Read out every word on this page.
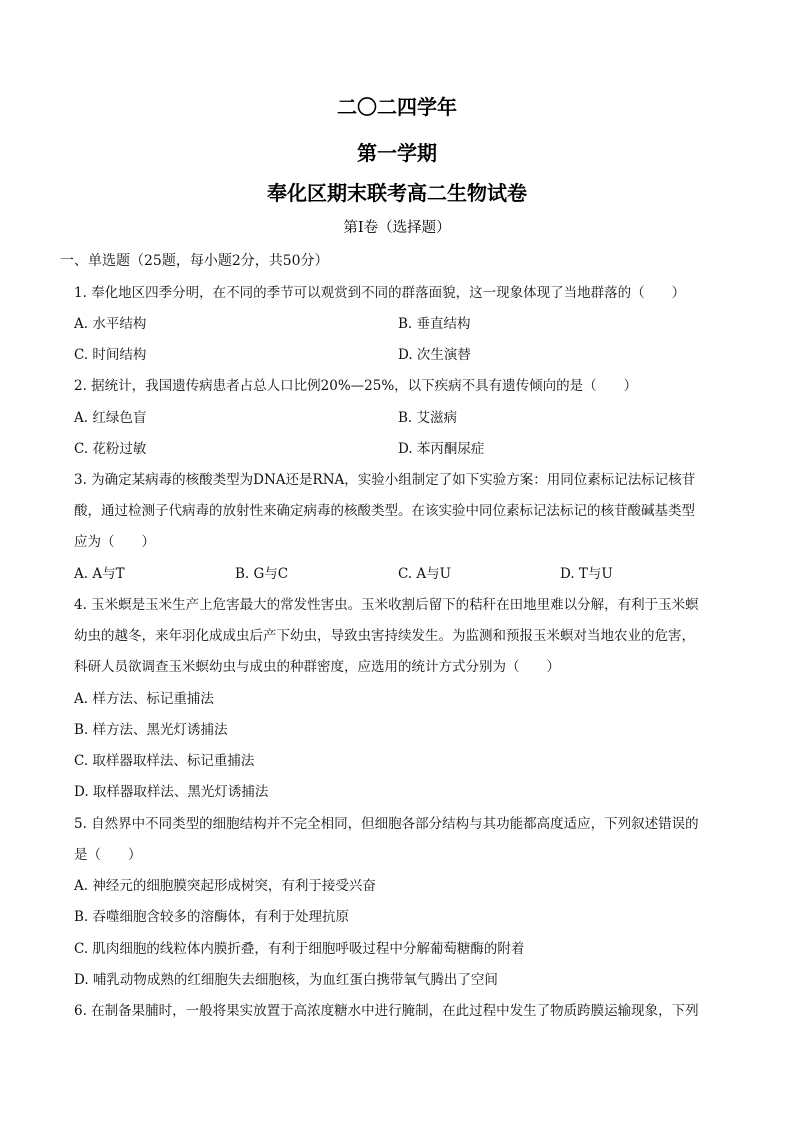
二〇二四学年
第一学期
奉化区期末联考高二生物试卷
第Ⅰ卷（选择题）
一、单选题（25题，每小题2分，共50分）
1. 奉化地区四季分明，在不同的季节可以观赏到不同的群落面貌，这一现象体现了当地群落的（　　）
A. 水平结构	B. 垂直结构
C. 时间结构	D. 次生演替
2. 据统计，我国遗传病患者占总人口比例20%—25%，以下疾病不具有遗传倾向的是（　　）
A. 红绿色盲	B. 艾滋病
C. 花粉过敏	D. 苯丙酮尿症
3. 为确定某病毒的核酸类型为DNA还是RNA，实验小组制定了如下实验方案：用同位素标记法标记核苷
酸，通过检测子代病毒的放射性来确定病毒的核酸类型。在该实验中同位素标记法标记的核苷酸碱基类型
应为（　　）
A. A与T	B. G与C	C. A与U	D. T与U
4. 玉米螟是玉米生产上危害最大的常发性害虫。玉米收割后留下的秸秆在田地里难以分解，有利于玉米螟
幼虫的越冬，来年羽化成成虫后产下幼虫，导致虫害持续发生。为监测和预报玉米螟对当地农业的危害，
科研人员欲调查玉米螟幼虫与成虫的种群密度，应选用的统计方式分别为（　　）
A. 样方法、标记重捕法
B. 样方法、黑光灯诱捕法
C. 取样器取样法、标记重捕法
D. 取样器取样法、黑光灯诱捕法
5. 自然界中不同类型的细胞结构并不完全相同，但细胞各部分结构与其功能都高度适应，下列叙述错误的
是（　　）
A. 神经元的细胞膜突起形成树突，有利于接受兴奋
B. 吞噬细胞含较多的溶酶体，有利于处理抗原
C. 肌肉细胞的线粒体内膜折叠，有利于细胞呼吸过程中分解葡萄糖酶的附着
D. 哺乳动物成熟的红细胞失去细胞核，为血红蛋白携带氧气腾出了空间
6. 在制备果脯时，一般将果实放置于高浓度糖水中进行腌制，在此过程中发生了物质跨膜运输现象，下列
